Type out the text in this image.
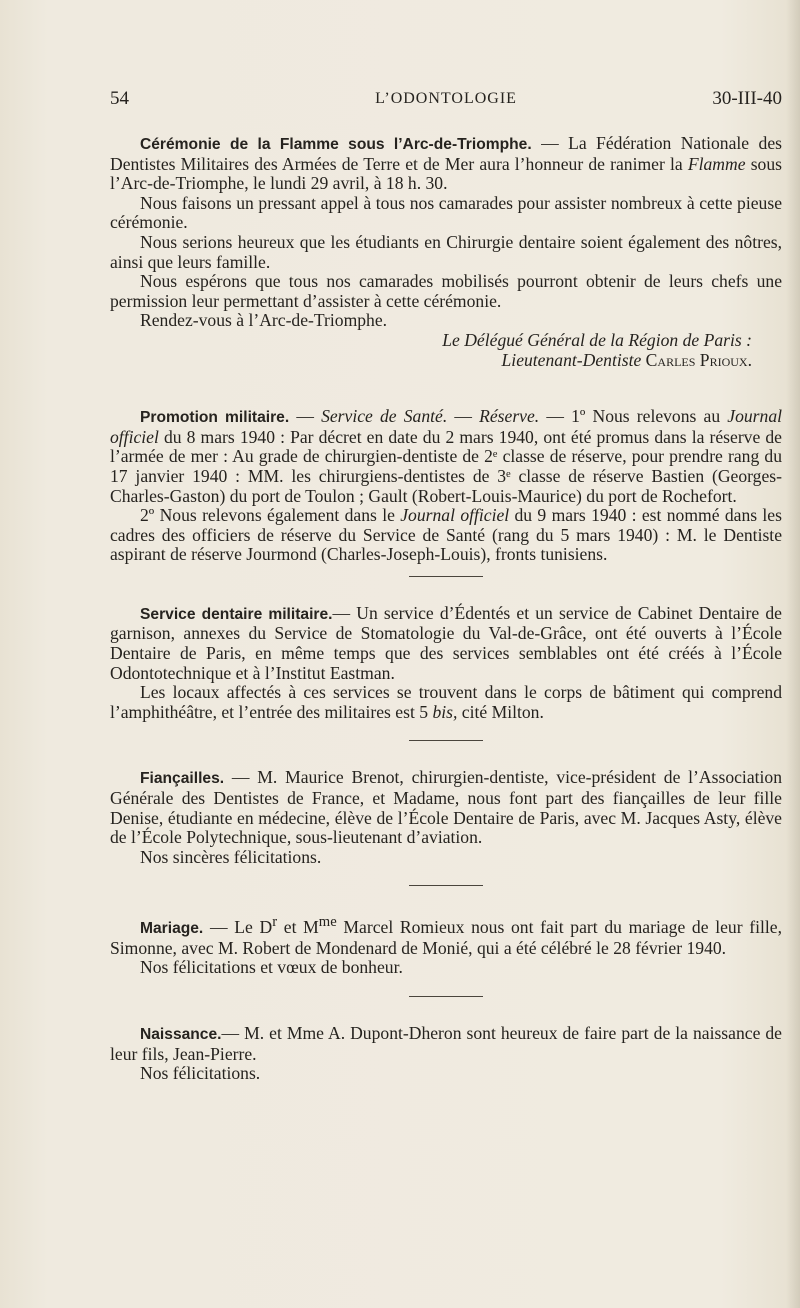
54	L’ODONTOLOGIE	30-III-40

Cérémonie de la Flamme sous l’Arc-de-Triomphe. — La Fédération Nationale des Dentistes Militaires des Armées de Terre et de Mer aura l’honneur de ranimer la Flamme sous l’Arc-de-Triomphe, le lundi 29 avril, à 18 h. 30.

Nous faisons un pressant appel à tous nos camarades pour assister nombreux à cette pieuse cérémonie.

Nous serions heureux que les étudiants en Chirurgie dentaire soient également des nôtres, ainsi que leurs famille.

Nous espérons que tous nos camarades mobilisés pourront obtenir de leurs chefs une permission leur permettant d’assister à cette cérémonie.

Rendez-vous à l’Arc-de-Triomphe.

Le Délégué Général de la Région de Paris :
Lieutenant-Dentiste Carles Prioux.

Promotion militaire. — Service de Santé. — Réserve. — 1º Nous relevons au Journal officiel du 8 mars 1940 : Par décret en date du 2 mars 1940, ont été promus dans la réserve de l’armée de mer : Au grade de chirurgien-dentiste de 2ᵉ classe de réserve, pour prendre rang du 17 janvier 1940 : MM. les chirurgiens-dentistes de 3ᵉ classe de réserve Bastien (Georges-Charles-Gaston) du port de Toulon ; Gault (Robert-Louis-Maurice) du port de Rochefort.

2º Nous relevons également dans le Journal officiel du 9 mars 1940 : est nommé dans les cadres des officiers de réserve du Service de Santé (rang du 5 mars 1940) : M. le Dentiste aspirant de réserve Jourmond (Charles-Joseph-Louis), fronts tunisiens.

Service dentaire militaire.— Un service d’Édentés et un service de Cabinet Dentaire de garnison, annexes du Service de Stomatologie du Val-de-Grâce, ont été ouverts à l’École Dentaire de Paris, en même temps que des services semblables ont été créés à l’École Odontotechnique et à l’Institut Eastman.

Les locaux affectés à ces services se trouvent dans le corps de bâtiment qui comprend l’amphithéâtre, et l’entrée des militaires est 5 bis, cité Milton.

Fiançailles. — M. Maurice Brenot, chirurgien-dentiste, vice-président de l’Association Générale des Dentistes de France, et Madame, nous font part des fiançailles de leur fille Denise, étudiante en médecine, élève de l’École Dentaire de Paris, avec M. Jacques Asty, élève de l’École Polytechnique, sous-lieutenant d’aviation.

Nos sincères félicitations.

Mariage. — Le $D^r$ et $M^{me}$ Marcel Romieux nous ont fait part du mariage de leur fille, Simonne, avec M. Robert de Mondenard de Monié, qui a été célébré le 28 février 1940.

Nos félicitations et vœux de bonheur.

Naissance.— M. et Mme A. Dupont-Dheron sont heureux de faire part de la naissance de leur fils, Jean-Pierre.

Nos félicitations.
